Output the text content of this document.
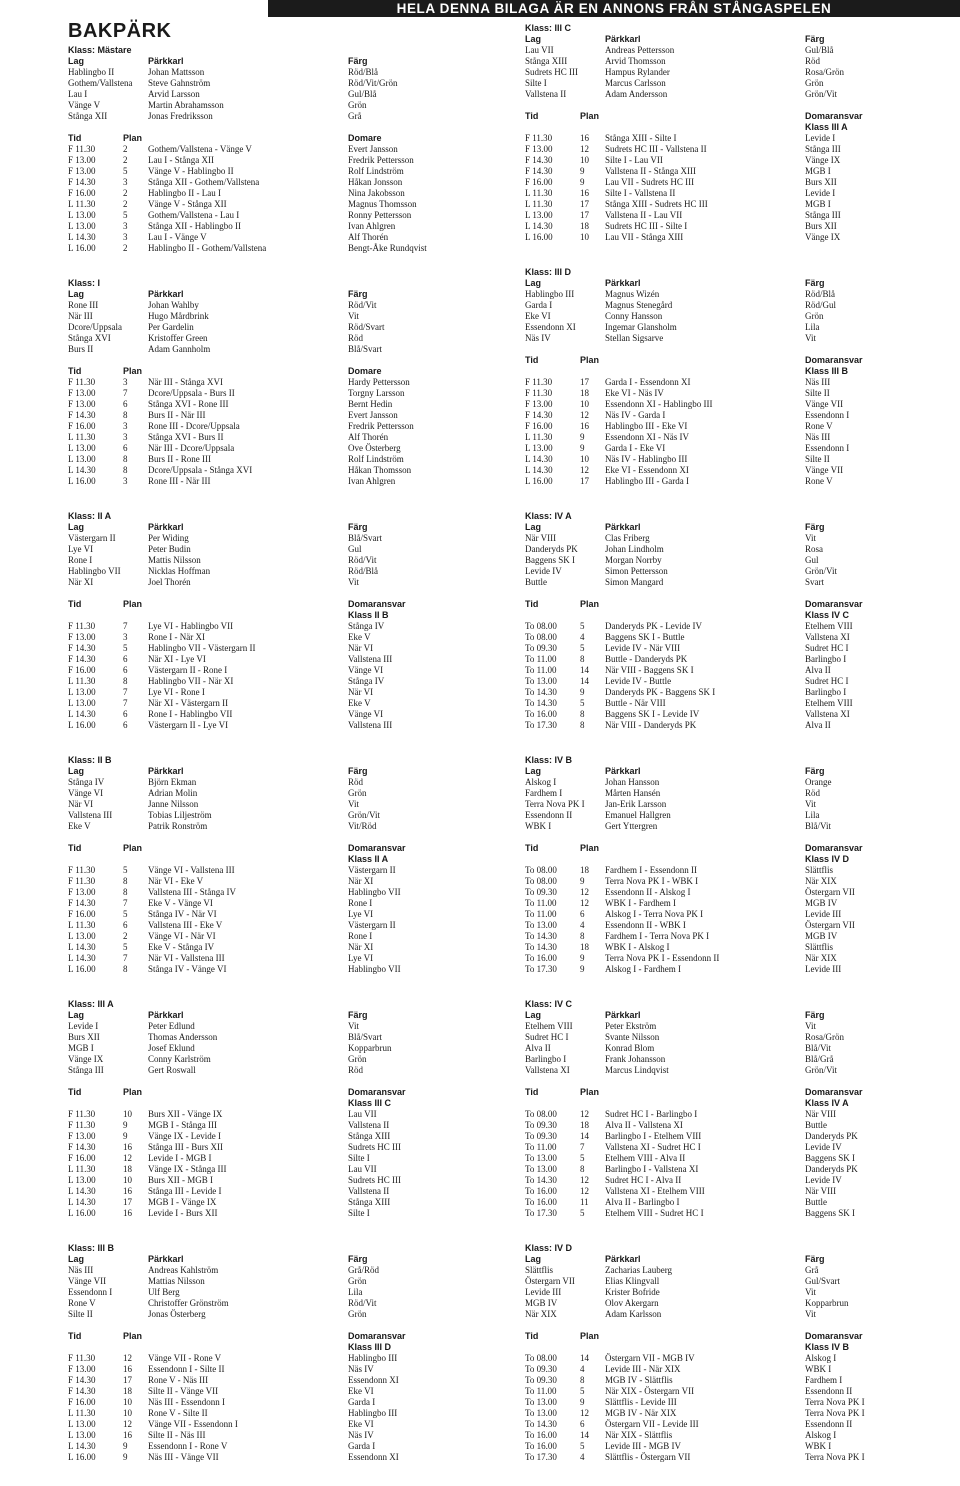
HELA DENNA BILAGA ÄR EN ANNONS FRÅN STÅNGASPELEN
BAKPÄRK
Klass: Mästare
Lag	Pärkkarl	Färg
Hablingbo II	Johan Mattsson	Röd/Blå
Gothem/Vallstena	Steve Gahnström	Röd/Vit/Grön
Lau I	Arvid Larsson	Gul/Blå
Vänge V	Martin Abrahamsson	Grön
Stånga XII	Jonas Fredriksson	Grå
Tid	Plan	Domare
F 11.30	2	Gothem/Vallstena - Vänge V	Evert Jansson
F 13.00	2	Lau I - Stånga XII	Fredrik Pettersson
F 13.00	5	Vänge V - Hablingbo II	Rolf Lindström
F 14.30	3	Stånga XII - Gothem/Vallstena	Håkan Jonsson
F 16.00	2	Hablingbo II - Lau I	Nina Jakobsson
L 11.30	2	Vänge V - Stånga XII	Magnus Thomsson
L 13.00	5	Gothem/Vallstena - Lau I	Ronny Pettersson
L 13.00	3	Stånga XII - Hablingbo II	Ivan Ahlgren
L 14.30	3	Lau I - Vänge V	Alf Thorén
L 16.00	2	Hablingbo II - Gothem/Vallstena	Bengt-Åke Rundqvist
Klass: I
Lag	Pärkkarl	Färg
Rone III	Johan Wahlby	Röd/Vit
När III	Hugo Mårdbrink	Vit
Dcore/Uppsala	Per Gardelin	Röd/Svart
Stånga XVI	Kristoffer Green	Röd
Burs II	Adam Gannholm	Blå/Svart
Tid	Plan	Domare
F 11.30	3	När III - Stånga XVI	Hardy Pettersson
F 13.00	7	Dcore/Uppsala - Burs II	Torgny Larsson
F 13.00	6	Stånga XVI - Rone III	Bernt Hedin
F 14.30	8	Burs II - När III	Evert Jansson
F 16.00	3	Rone III - Dcore/Uppsala	Fredrik Pettersson
L 11.30	3	Stånga XVI - Burs II	Alf Thorén
L 13.00	6	När III - Dcore/Uppsala	Ove Österberg
L 13.00	8	Burs II - Rone III	Rolf Lindström
L 14.30	8	Dcore/Uppsala - Stånga XVI	Håkan Thomsson
L 16.00	3	Rone III - När III	Ivan Ahlgren
Klass: II A
Lag	Pärkkarl	Färg
Västergarn II	Per Widing	Blå/Svart
Lye VI	Peter Budin	Gul
Rone I	Mattis Nilsson	Röd/Vit
Hablingbo VII	Nicklas Hoffman	Röd/Blå
När XI	Joel Thorén	Vit
Tid	Plan	Domaransvar
Klass II B
F 11.30	7	Lye VI - Hablingbo VII	Stånga IV
F 13.00	3	Rone I - När XI	Eke V
F 14.30	5	Hablingbo VII - Västergarn II	När VI
F 14.30	6	När XI - Lye VI	Vallstena III
F 16.00	6	Västergarn II - Rone I	Vänge VI
L 11.30	8	Hablingbo VII - När XI	Stånga IV
L 13.00	7	Lye VI - Rone I	När VI
L 13.00	7	När XI - Västergarn II	Eke V
L 14.30	6	Rone I - Hablingbo VII	Vänge VI
L 16.00	6	Västergarn II - Lye VI	Vallstena III
Klass: II B
Lag	Pärkkarl	Färg
Stånga IV	Björn Ekman	Röd
Vänge VI	Adrian Molin	Grön
När VI	Janne Nilsson	Vit
Vallstena III	Tobias Liljeström	Grön/Vit
Eke V	Patrik Ronström	Vit/Röd
Tid	Plan	Domaransvar
Klass II A
F 11.30	5	Vänge VI - Vallstena III	Västergarn II
F 11.30	8	När VI - Eke V	När XI
F 13.00	8	Vallstena III - Stånga IV	Hablingbo VII
F 14.30	7	Eke V - Vänge VI	Rone I
F 16.00	5	Stånga IV - När VI	Lye VI
L 11.30	6	Vallstena III - Eke V	Västergarn II
L 13.00	2	Vänge VI - När VI	Rone I
L 14.30	5	Eke V - Stånga IV	När XI
L 14.30	7	När VI - Vallstena III	Lye VI
L 16.00	8	Stånga IV - Vänge VI	Hablingbo VII
Klass: III A
Lag	Pärkkarl	Färg
Levide I	Peter Edlund	Vit
Burs XII	Thomas Andersson	Blå/Svart
MGB I	Josef Eklund	Kopparbrun
Vänge IX	Conny Karlström	Grön
Stånga III	Gert Roswall	Röd
Tid	Plan	Domaransvar
Klass III C
F 11.30	10	Burs XII - Vänge IX	Lau VII
F 11.30	9	MGB I - Stånga III	Vallstena II
F 13.00	9	Vänge IX - Levide I	Stånga XIII
F 14.30	16	Stånga III - Burs XII	Sudrets HC III
F 16.00	12	Levide I - MGB I	Silte I
L 11.30	18	Vänge IX - Stånga III	Lau VII
L 13.00	10	Burs XII - MGB I	Sudrets HC III
L 14.30	16	Stånga III - Levide I	Vallstena II
L 14.30	17	MGB I - Vänge IX	Stånga XIII
L 16.00	16	Levide I - Burs XII	Silte I
Klass: III B
Lag	Pärkkarl	Färg
Näs III	Andreas Kahlström	Grå/Röd
Vänge VII	Mattias Nilsson	Grön
Essendonn I	Ulf Berg	Lila
Rone V	Christoffer Grönström	Röd/Vit
Silte II	Jonas Österberg	Grön
Tid	Plan	Domaransvar
Klass III D
F 11.30	12	Vänge VII - Rone V	Hablingbo III
F 13.00	16	Essendonn I - Silte II	Näs IV
F 14.30	17	Rone V - Näs III	Essendonn XI
F 14.30	18	Silte II - Vänge VII	Eke VI
F 16.00	10	Näs III - Essendonn I	Garda I
L 11.30	10	Rone V - Silte II	Hablingbo III
L 13.00	12	Vänge VII - Essendonn I	Eke VI
L 13.00	16	Silte II - Näs III	Näs IV
L 14.30	9	Essendonn I - Rone V	Garda I
L 16.00	9	Näs III - Vänge VII	Essendonn XI
Klass: III C
Lag	Pärkkarl	Färg
Lau VII	Andreas Pettersson	Gul/Blå
Stånga XIII	Arvid Thomsson	Röd
Sudrets HC III	Hampus Rylander	Rosa/Grön
Silte I	Marcus Carlsson	Grön
Vallstena II	Adam Andersson	Grön/Vit
Tid	Plan	Domaransvar
Klass III A
F 11.30	16	Stånga XIII - Silte I	Levide I
F 13.00	12	Sudrets HC III - Vallstena II	Stånga III
F 14.30	10	Silte I - Lau VII	Vänge IX
F 14.30	9	Vallstena II - Stånga XIII	MGB I
F 16.00	9	Lau VII - Sudrets HC III	Burs XII
L 11.30	16	Silte I - Vallstena II	Levide I
L 11.30	17	Stånga XIII - Sudrets HC III	MGB I
L 13.00	17	Vallstena II - Lau VII	Stånga III
L 14.30	18	Sudrets HC III - Silte I	Burs XII
L 16.00	10	Lau VII - Stånga XIII	Vänge IX
Klass: III D
Lag	Pärkkarl	Färg
Hablingbo III	Magnus Wizén	Röd/Blå
Garda I	Magnus Stenegård	Röd/Gul
Eke VI	Conny Hansson	Grön
Essendonn XI	Ingemar Glansholm	Lila
Näs IV	Stellan Sigsarve	Vit
Tid	Plan	Domaransvar
Klass III B
F 11.30	17	Garda I - Essendonn XI	Näs III
F 11.30	18	Eke VI - Näs IV	Silte II
F 13.00	10	Essendonn XI - Hablingbo III	Vänge VII
F 14.30	12	Näs IV - Garda I	Essendonn I
F 16.00	16	Hablingbo III - Eke VI	Rone V
L 11.30	9	Essendonn XI - Näs IV	Näs III
L 13.00	9	Garda I - Eke VI	Essendonn I
L 14.30	10	Näs IV - Hablingbo III	Silte II
L 14.30	12	Eke VI - Essendonn XI	Vänge VII
L 16.00	17	Hablingbo III - Garda I	Rone V
Klass: IV A
Lag	Pärkkarl	Färg
När VIII	Clas Friberg	Vit
Danderyds PK	Johan Lindholm	Rosa
Baggens SK I	Morgan Norrby	Gul
Levide IV	Simon Pettersson	Grön/Vit
Buttle	Simon Mangard	Svart
Tid	Plan	Domaransvar
Klass IV C
To 08.00	5	Danderyds PK - Levide IV	Etelhem VIII
To 08.00	4	Baggens SK I - Buttle	Vallstena XI
To 09.30	5	Levide IV - När VIII	Sudret HC I
To 11.00	8	Buttle - Danderyds PK	Barlingbo I
To 11.00	14	När VIII - Baggens SK I	Alva II
To 13.00	14	Levide IV - Buttle	Sudret HC I
To 14.30	9	Danderyds PK - Baggens SK I	Barlingbo I
To 14.30	5	Buttle - När VIII	Etelhem VIII
To 16.00	8	Baggens SK I - Levide IV	Vallstena XI
To 17.30	8	När VIII - Danderyds PK	Alva II
Klass: IV B
Lag	Pärkkarl	Färg
Alskog I	Johan Hansson	Orange
Fardhem I	Mårten Hansén	Röd
Terra Nova PK I	Jan-Erik Larsson	Vit
Essendonn II	Emanuel Hallgren	Lila
WBK I	Gert Yttergren	Blå/Vit
Tid	Plan	Domaransvar
Klass IV D
To 08.00	18	Fardhem I - Essendonn II	Slättflis
To 08.00	9	Terra Nova PK I - WBK I	När XIX
To 09.30	12	Essendonn II - Alskog I	Östergarn VII
To 11.00	12	WBK I - Fardhem I	MGB IV
To 11.00	6	Alskog I - Terra Nova PK I	Levide III
To 13.00	4	Essendonn II - WBK I	Östergarn VII
To 14.30	8	Fardhem I - Terra Nova PK I	MGB IV
To 14.30	18	WBK I - Alskog I	Slättflis
To 16.00	9	Terra Nova PK I - Essendonn II	När XIX
To 17.30	9	Alskog I - Fardhem I	Levide III
Klass: IV C
Lag	Pärkkarl	Färg
Etelhem VIII	Peter Ekström	Vit
Sudret HC I	Svante Nilsson	Rosa/Grön
Alva II	Konrad Blom	Blå/Vit
Barlingbo I	Frank Johansson	Blå/Grå
Vallstena XI	Marcus Lindqvist	Grön/Vit
Tid	Plan	Domaransvar
Klass IV A
To 08.00	12	Sudret HC I - Barlingbo I	När VIII
To 09.30	18	Alva II - Vallstena XI	Buttle
To 09.30	14	Barlingbo I - Etelhem VIII	Danderyds PK
To 11.00	7	Vallstena XI - Sudret HC I	Levide IV
To 13.00	5	Etelhem VIII - Alva II	Baggens SK I
To 13.00	8	Barlingbo I - Vallstena XI	Danderyds PK
To 14.30	12	Sudret HC I - Alva II	Levide IV
To 16.00	12	Vallstena XI - Etelhem VIII	När VIII
To 16.00	11	Alva II - Barlingbo I	Buttle
To 17.30	5	Etelhem VIII - Sudret HC I	Baggens SK I
Klass: IV D
Lag	Pärkkarl	Färg
Slättflis	Zacharias Lauberg	Grå
Östergarn VII	Elias Klingvall	Gul/Svart
Levide III	Krister Bofride	Vit
MGB IV	Olov Akergarn	Kopparbrun
När XIX	Adam Karlsson	Vit
Tid	Plan	Domaransvar
Klass IV B
To 08.00	14	Östergarn VII - MGB IV	Alskog I
To 09.30	4	Levide III - När XIX	WBK I
To 09.30	8	MGB IV - Slättflis	Fardhem I
To 11.00	5	När XIX - Östergarn VII	Essendonn II
To 13.00	9	Slättflis - Levide III	Terra Nova PK I
To 13.00	12	MGB IV - När XIX	Terra Nova PK I
To 14.30	6	Östergarn VII - Levide III	Essendonn II
To 16.00	14	När XIX - Slättflis	Alskog I
To 16.00	5	Levide III - MGB IV	WBK I
To 17.30	4	Slättflis - Östergarn VII	Terra Nova PK I
